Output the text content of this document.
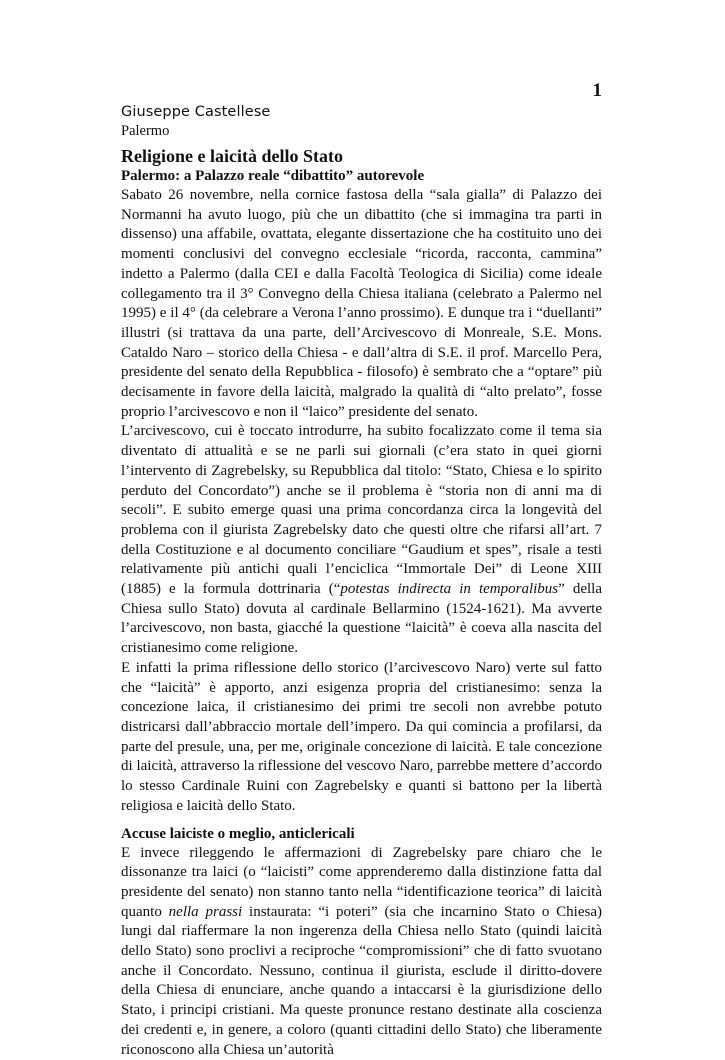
1
Giuseppe Castellese
Palermo
Religione e laicità dello Stato
Palermo: a Palazzo reale “dibattito” autorevole

Sabato 26 novembre, nella cornice fastosa della “sala gialla” di Palazzo dei Normanni ha avuto luogo, più che un dibattito (che si immagina tra parti in dissenso) una affabile, ovattata, elegante dissertazione che ha costituito uno dei momenti conclusivi del convegno ecclesiale “ricorda, racconta, cammina” indetto a Palermo (dalla CEI e dalla Facoltà Teologica di Sicilia) come ideale collegamento tra il 3° Convegno della Chiesa italiana (celebrato a Palermo nel 1995) e il 4° (da celebrare a Verona l’anno prossimo). E dunque tra i “duellanti” illustri (si trattava da una parte, dell’Arcivescovo di Monreale, S.E. Mons. Cataldo Naro – storico della Chiesa - e dall’altra di S.E. il prof. Marcello Pera, presidente del senato della Repubblica - filosofo) è sembrato che a “optare” più decisamente in favore della laicità, malgrado la qualità di “alto prelato”, fosse proprio l’arcivescovo e non il “laico” presidente del senato.

L’arcivescovo, cui è toccato introdurre, ha subito focalizzato come il tema sia diventato di attualità e se ne parli sui giornali (c’era stato in quei giorni l’intervento di Zagrebelsky, su Repubblica dal titolo: “Stato, Chiesa e lo spirito perduto del Concordato”) anche se il problema è “storia non di anni ma di secoli”. E subito emerge quasi una prima concordanza circa la longevità del problema con il giurista Zagrebelsky dato che questi oltre che rifarsi all’art. 7 della Costituzione e al documento conciliare “Gaudium et spes”, risale a testi relativamente più antichi quali l’enciclica “Immortale Dei” di Leone XIII (1885) e la formula dottrinaria (“potestas indirecta in temporalibus” della Chiesa sullo Stato) dovuta al cardinale Bellarmino (1524-1621). Ma avverte l’arcivescovo, non basta, giacché la questione “laicità” è coeva alla nascita del cristianesimo come religione.

E infatti la prima riflessione dello storico (l’arcivescovo Naro) verte sul fatto che “laicità” è apporto, anzi esigenza propria del cristianesimo: senza la concezione laica, il cristianesimo dei primi tre secoli non avrebbe potuto districarsi dall’abbraccio mortale dell’impero. Da qui comincia a profilarsi, da parte del presule, una, per me, originale concezione di laicità. E tale concezione di laicità, attraverso la riflessione del vescovo Naro, parrebbe mettere d’accordo lo stesso Cardinale Ruini con Zagrebelsky e quanti si battono per la libertà religiosa e laicità dello Stato.

Accuse laiciste o meglio, anticlericali

E invece rileggendo le affermazioni di Zagrebelsky pare chiaro che le dissonanze tra laici (o “laicisti” come apprenderemo dalla distinzione fatta dal presidente del senato) non stanno tanto nella “identificazione teorica” di laicità quanto nella prassi instaurata: “i poteri” (sia che incarnino Stato o Chiesa) lungi dal riaffermare la non ingerenza della Chiesa nello Stato (quindi laicità dello Stato) sono proclivi a reciproche “compromissioni” che di fatto svuotano anche il Concordato. Nessuno, continua il giurista, esclude il diritto-dovere della Chiesa di enunciare, anche quando a intaccarsi è la giurisdizione dello Stato, i principi cristiani. Ma queste pronunce restano destinate alla coscienza dei credenti e, in genere, a coloro (quanti cittadini dello Stato) che liberamente riconoscono alla Chiesa un’autorità
